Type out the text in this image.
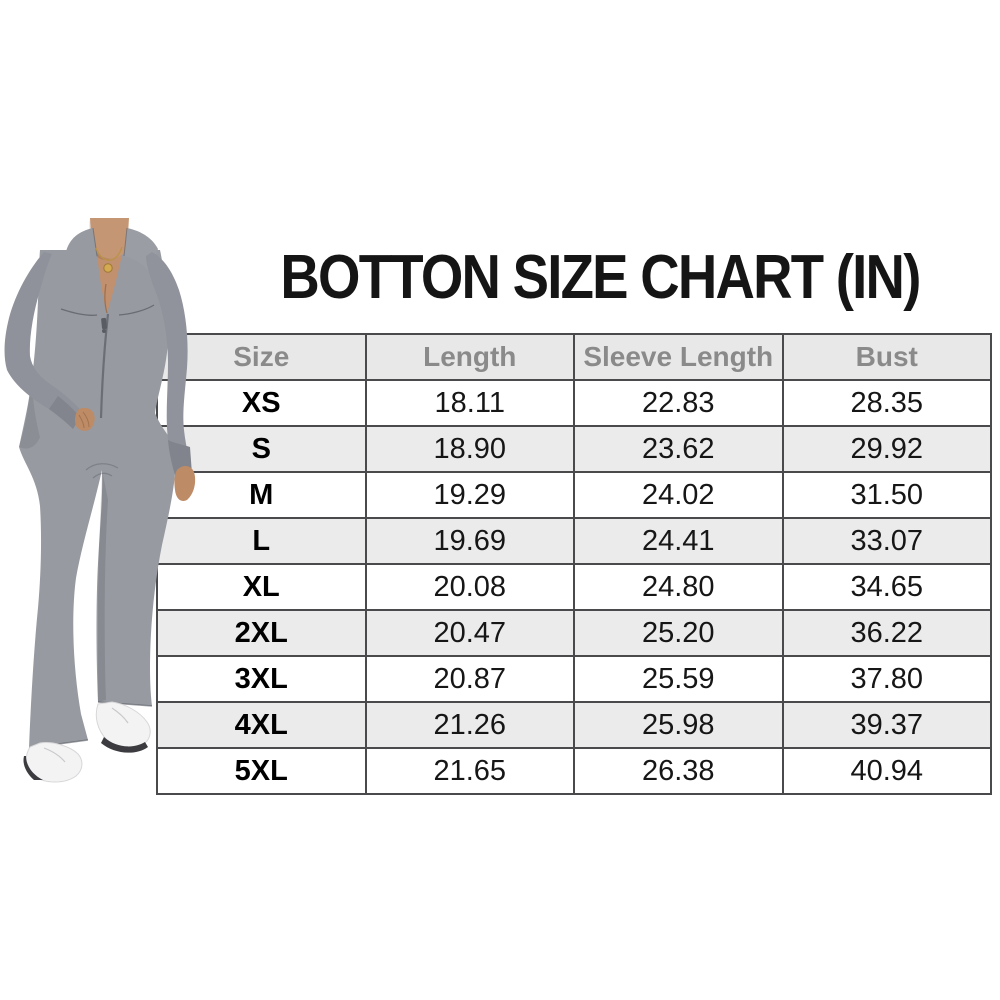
BOTTON SIZE CHART (IN)
Size	Length	Sleeve Length	Bust
XS	18.11	22.83	28.35
S	18.90	23.62	29.92
M	19.29	24.02	31.50
L	19.69	24.41	33.07
XL	20.08	24.80	34.65
2XL	20.47	25.20	36.22
3XL	20.87	25.59	37.80
4XL	21.26	25.98	39.37
5XL	21.65	26.38	40.94
